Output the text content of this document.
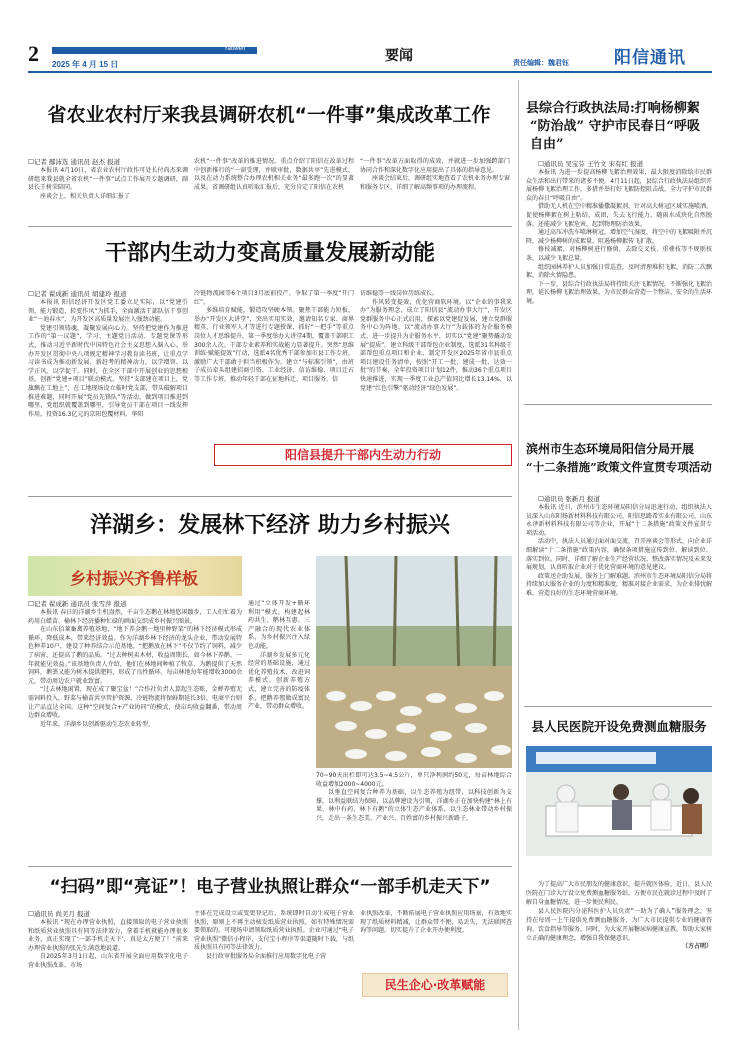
2	Yaowen
2025 年 4 月 15 日
要闻	责任编辑：魏君钰	阳信通讯
省农业农村厅来我县调研农机“一件事”集成改革工作
☐记者 鄢沛选 通讯员 赵杰 报道

本报讯 4月10日，省农业农村厅政作可处长付尚杰来调研组来我县就全省农机“一件事”试点工作展开专题调研，副县长王树荣陪同。

座谈会上，相关负责人详细汇报了

农机“一件事”改革的推进情况。重点介绍了阳信在改革过程中创新推行的“一窗受理，并联审批，数据共享”先进模式，以及在动力系统整合办理农机相关业务“最多跑一次”的显著成果。省调研组认真听取汇报后，充分肯定了阳信在农机

“一件事”改革方面取得的成效，并就进一步加强跨部门协同合作和深化数字化应用提出了具体的指导意见。

座谈会结束后，调研组实地查看了农机业务办理专窗和服务专区，详细了解高频事项的办理流程。

干部内生动力变高质量发展新动能
☐记者 翟成新 通讯员 胡建玲 报道

本报讯 阳信经济开发区党工委立足实际，以“党建引领，能力锻造，转变作风”为抓手，全面激活干部队伍干事创业“一池春水”，为开发区高质量发展注入强劲动能。

党建引领铸魂，凝聚发展向心力。坚持把党建作为推进工作的“第一议题”，学习、主题党日活动、专题党课等形式，推动习近平新时代中国特色社会主义思想入脑入心。举办开发区贯彻中央八项规定精神学习教育读书班，让重点学习读书成为推动新发展、新赶考的精神动力，以学增智、以学正风、以学促干。同时，在全区干部中开展创业的思想根基。创新“党建+项目”联动模式，坚持“支部建在项目上，党旗飘在工地上”，在工地现场设立临时党支部，带头破解项目推进难题，同时开展“党员先锋队”等活动，做到项目推进到哪里，党组织就覆盖到哪里，引导党员干部在项目一线发挥作用。投资16.3亿元的京阳包覆材料、华阳

冷链物流园等6个项目3月底前投产，争取了第一季度“开门红”。

多维培育赋能，锻造攻坚硬本领。聚焦干部能力短板，举办“开发区大讲堂”，突出实用实效，邀请知名专家、商界精英、行业领军人才等进行专题授课，抓好“一把手”等重点岗位人才思维提升，第一季度举办大讲堂4期，覆盖干部职工300余人次。干部专业素养和实战能力显著提升。突然“思维训练·赋能提效”行动，选派4名优秀干部参加市县工作专班，激励广大干部敢于担当积极作为。建立“与标准引领”，由班子成员牵头组建招商引资、工业经济、信访维稳、项目迁占等工作专班，推动年轻干部在征地拆迁、项目服务、信

访维稳等一线岗位历练成长。

作风转变提效，优化营商软环境。以“企业的事我来办”为服务理念，成立了阳信县“流动办事大厅”，开发区党群服务中心正式启用，探索以党建促发展，建立党群服务中心为阵地，以“流动办事大厅”为载体的为企服务模式，进一步提升为企服务水平，切实以“党建”聚势撬动发展“提质”。建立科级干部帮包企业制度，选派31名科级干部帮包重点项目和企业，制定开发区2025年省市县重点项目建设任务清单，按照“开工一批、建成一批、达效一批”的节奏，全年投资项目计划12件，推动36个重点项目快速推进，实现一季度工业总产值同比增长13.14%，以党建“红色引擎”驱动经济“绿色发展”。

阳信县提升干部内生动力行动
洋湖乡：发展林下经济 助力乡村振兴
乡村振兴齐鲁样板
☐记者 翟成新 通讯员 张雪萍 报道

本报讯 春日的洋湖乡生机盎然，千亩生态鹅在林地悠闲踱步，工人们忙着为药用白蜡苗、榆林下经济播种忙碌的画面交织成乡村振兴图景。

在山东佰莱畜禽养殖基地，“地下养金鹅一地里种野菜”的林下经济模式形成循环，降低成本，带来经济效益。作为洋湖乡林下经济的龙头企业，带动发展特色种养10户，建设了种养结合示范基地。“把鹅放在林下”不仅节约了饲料，减少了病害，还提高了鹅的品质。“过去种树卖木材，收益周期长，如今林下养鹅，一年就能见效益。”该基地负责人介绍，他们在林地间种植了牧草，为鹅提供了天然饲料，鹅粪又能为树木提供肥料，形成了良性循环。每亩林地每年能增收3000余元，带动周边农户就业致富。

“过去林地闲置，现在成了聚宝盆！”合作社负责人算起生态账，金蝉养殖无需饲料投入，野菜与榆苗共享管护资源，冷链物流将保鲜期延长3倍，电商平台则让产品直达全国。这种“空间复合+产业协同”的模式，使亩均收益翻番，带动周边群众增收。

近年来，洋湖乡以创新驱动生态农业转型，

通过“立体开发+循环利用”模式，构建起林药共生、鹅林互惠、三产融合的现代农业体系，为乡村振兴注入绿色动能。

洋湖乡发展多元化经营的基础设施，通过优化养殖技术，改进饲养模式，创新养殖方式，建立完善的防疫体系，把鹅养殖做成富民产业，带动群众增收。

70~90天出栏即可达3.5~4.5公斤，单只净利润约50元，每亩林地综合收益增加2000~4000元。

以垂直空间复合种养为基础，以生态养殖为纽带，以科技创新为支撑，以利益联结为保障，以品牌建设为引领，洋湖乡正在加快构建“林上有果、林中有药、林下有鹅”的立体生态产业体系，以生态林业带动乡村振兴，走出一条生态美、产业兴、百姓富的乡村振兴新路子。

“扫码”即“亮证”！电子营业执照让群众“一部手机走天下”
☐通讯员 尚美月 报道

本报讯 “现在办理营业执照，直接领取的电子营业执照和纸质营业执照具有同等法律效力，拿着手机就能办理很多业务，真正实现了‘一部手机走天下’，真是太方便了！”前来办理营业执照的张先生满意地说道。

自2025年3月1日起，山东省开展全面应用数字化电子营业执照改革，市场

主体在完成设立或变更登记后，系统即时自动生成电子营业执照，原则上不再主动核发纸质营业执照，如有特殊情况需要领取的，可现场申请领取纸质营业执照。企业可通过“电子营业执照”微信小程序、支付宝小程序等渠道随时下载，与纸质执照具有同等法律效力。

县行政审批服务局全面推行应用数字化电子营

业执照改革，不断拓展电子营业执照应用场景，有效地实现了纸质材料精减，让群众带不便，易丢失，无法联网查询等问题，切实提升了企业开办便利度。

民生企心·改革赋能
县综合行政执法局:打响杨柳絮
“防治战” 守护市民春日“呼吸自由”
☐通讯员 吴宝芬 王竹文 宋有红 报道

本报讯 为进一步提高杨柳飞絮治理效果，最大限度消除给市民群众生活和出行带来的诸多不便。4月11日起，县综合行政执法局组织开展杨柳飞絮治理工作，多措并举打好飞絮防控阻击战，全力守护市民群众的春日“呼吸自由”。

借助无人机在空中精准播撒凝絮剂，针对高大树冠区域实施喷洒，促使杨柳絮在树上粘结，成团，失去飞行能力，随雨水成块化自然脱落，还能减少飞絮危害，起到物理防治效果。

通过高压冲洗车喷淋树冠，增加空气湿度，将空中的飞絮吸附并沉降，减少杨柳树的成絮量，阻遏杨柳絮传飞扩散。

修枝减絮，对杨柳树进行修剪，去除交叉枝、重叠枝等不规则枝条，以减少飞絮总量。

组织园林养护人员加强日常巡查，及时清理堆积飞絮，消防二次飘絮，消除火情隐患。

下一步，县综合行政执法局将持续关注飞絮情况，不断强化飞絮治理，延长杨柳飞絮治理效果，为市民群众营造一个整洁、安全的生活环境。

滨州市生态环境局阳信分局开展
“十二条措施”政策文件宣贯专项活动
☐通讯员 张新月 报道

本报讯 近日，滨州市生态环境局阳信分局迅速行动，组织执法人员深入山东阳扬新材料科技有限公司、阳信思路希实业有限公司、山东永泽新材料科技有限公司等企业，开展“十二条措施”政策文件宣贯专项活动。

活动中，执法人员通过面对面交流，召开座谈会等形式，向企业详细解读“十二条措施”政策内容，确保条项措施宣传到位、解读到位、落实到位。同时，详细了解企业生产经营状况、整改落实情况及未来发展规划，认真听取企业对于优化营商环境的意见建议。

政策送企助发展，服务上门解难题。滨州市生态环境局阳信分局将持续加大服务企业的力度和精准度，精准对接企业需求，为企业排忧解难，营造良好的生态环境营商环境。

县人民医院开设免费测血糖服务

为了提高广大市民朋友的健康意识，提升就医体验，近日，县人民医院在门诊大厅设立免费测血糖服务站，方便市民在就诊过程中及时了解自身血糖情况，进一步便民利民。

县人民医院内分泌科医护人员负责“一助为了确人”服务理念，坚持在每周一上午提供免费测血糖服务，为广大市民提供专业的健康咨询、饮食指导等服务，同时，为大家开展糖尿病健康宣教，帮助大家树立正确的健康理念，增强自我保健意识。

（方占明）
